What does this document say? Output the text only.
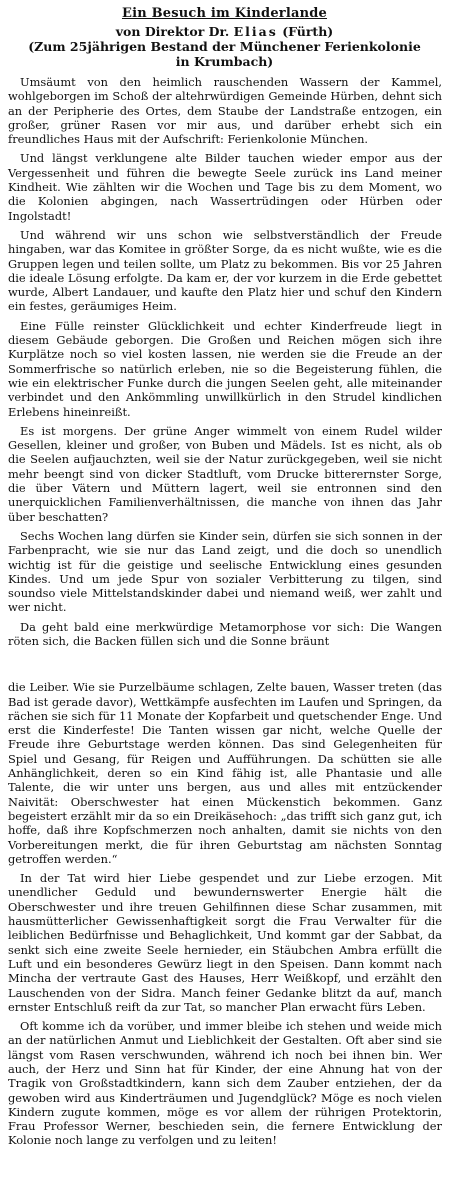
Ein Besuch im Kinderlande
von Direktor Dr. Elias (Fürth)
(Zum 25jährigen Bestand der Münchener Ferienkolonie in Krumbach)

Umsäumt von den heimlich rauschenden Wassern der Kammel, wohlgeborgen im Schoß der altehrwürdigen Gemeinde Hürben, dehnt sich an der Peripherie des Ortes, dem Staube der Landstraße entzogen, ein großer, grüner Rasen vor mir aus, und darüber erhebt sich ein freundliches Haus mit der Aufschrift: Ferienkolonie München.

Und längst verklungene alte Bilder tauchen wieder empor aus der Vergessenheit und führen die bewegte Seele zurück ins Land meiner Kindheit. Wie zählten wir die Wochen und Tage bis zu dem Moment, wo die Kolonien abgingen, nach Wassertrüdingen oder Hürben oder Ingolstadt!

Und während wir uns schon wie selbstverständlich der Freude hingaben, war das Komitee in größter Sorge, da es nicht wußte, wie es die Gruppen legen und teilen sollte, um Platz zu bekommen. Bis vor 25 Jahren die ideale Lösung erfolgte. Da kam er, der vor kurzem in die Erde gebettet wurde, Albert Landauer, und kaufte den Platz hier und schuf den Kindern ein festes, geräumiges Heim.

Eine Fülle reinster Glücklichkeit und echter Kinderfreude liegt in diesem Gebäude geborgen. Die Großen und Reichen mögen sich ihre Kurplätze noch so viel kosten lassen, nie werden sie die Freude an der Sommerfrische so natürlich erleben, nie so die Begeisterung fühlen, die wie ein elektrischer Funke durch die jungen Seelen geht, alle miteinander verbindet und den Ankömmling unwillkürlich in den Strudel kindlichen Erlebens hineinreißt.

Es ist morgens. Der grüne Anger wimmelt von einem Rudel wilder Gesellen, kleiner und großer, von Buben und Mädels. Ist es nicht, als ob die Seelen aufjauchzten, weil sie der Natur zurückgegeben, weil sie nicht mehr beengt sind von dicker Stadtluft, vom Drucke bitterernster Sorge, die über Vätern und Müttern lagert, weil sie entronnen sind den unerquicklichen Familienverhältnissen, die manche von ihnen das Jahr über beschatten?

Sechs Wochen lang dürfen sie Kinder sein, dürfen sie sich sonnen in der Farbenpracht, wie sie nur das Land zeigt, und die doch so unendlich wichtig ist für die geistige und seelische Entwicklung eines gesunden Kindes. Und um jede Spur von sozialer Verbitterung zu tilgen, sind soundso viele Mittelstandskinder dabei und niemand weiß, wer zahlt und wer nicht.

Da geht bald eine merkwürdige Metamorphose vor sich: Die Wangen röten sich, die Backen füllen sich und die Sonne bräunt

die Leiber. Wie sie Purzelbäume schlagen, Zelte bauen, Wasser treten (das Bad ist gerade davor), Wettkämpfe ausfechten im Laufen und Springen, da rächen sie sich für 11 Monate der Kopfarbeit und quetschender Enge. Und erst die Kinderfeste! Die Tanten wissen gar nicht, welche Quelle der Freude ihre Geburtstage werden können. Das sind Gelegenheiten für Spiel und Gesang, für Reigen und Aufführungen. Da schütten sie alle Anhänglichkeit, deren so ein Kind fähig ist, alle Phantasie und alle Talente, die wir unter uns bergen, aus und alles mit entzückender Naivität: Oberschwester hat einen Mückenstich bekommen. Ganz begeistert erzählt mir da so ein Dreikäsehoch: „das trifft sich ganz gut, ich hoffe, daß ihre Kopfschmerzen noch anhalten, damit sie nichts von den Vorbereitungen merkt, die für ihren Geburtstag am nächsten Sonntag getroffen werden.“

In der Tat wird hier Liebe gespendet und zur Liebe erzogen. Mit unendlicher Geduld und bewundernswerter Energie hält die Oberschwester und ihre treuen Gehilfinnen diese Schar zusammen, mit hausmütterlicher Gewissenhaftigkeit sorgt die Frau Verwalter für die leiblichen Bedürfnisse und Behaglichkeit, Und kommt gar der Sabbat, da senkt sich eine zweite Seele hernieder, ein Stäubchen Ambra erfüllt die Luft und ein besonderes Gewürz liegt in den Speisen. Dann kommt nach Mincha der vertraute Gast des Hauses, Herr Weißkopf, und erzählt den Lauschenden von der Sidra. Manch feiner Gedanke blitzt da auf, manch ernster Entschluß reift da zur Tat, so mancher Plan erwacht fürs Leben.

Oft komme ich da vorüber, und immer bleibe ich stehen und weide mich an der natürlichen Anmut und Lieblichkeit der Gestalten. Oft aber sind sie längst vom Rasen verschwunden, während ich noch bei ihnen bin. Wer auch, der Herz und Sinn hat für Kinder, der eine Ahnung hat von der Tragik von Großstadtkindern, kann sich dem Zauber entziehen, der da gewoben wird aus Kinderträumen und Jugendglück? Möge es noch vielen Kindern zugute kommen, möge es vor allem der rührigen Protektorin, Frau Professor Werner, beschieden sein, die fernere Entwicklung der Kolonie noch lange zu verfolgen und zu leiten!
